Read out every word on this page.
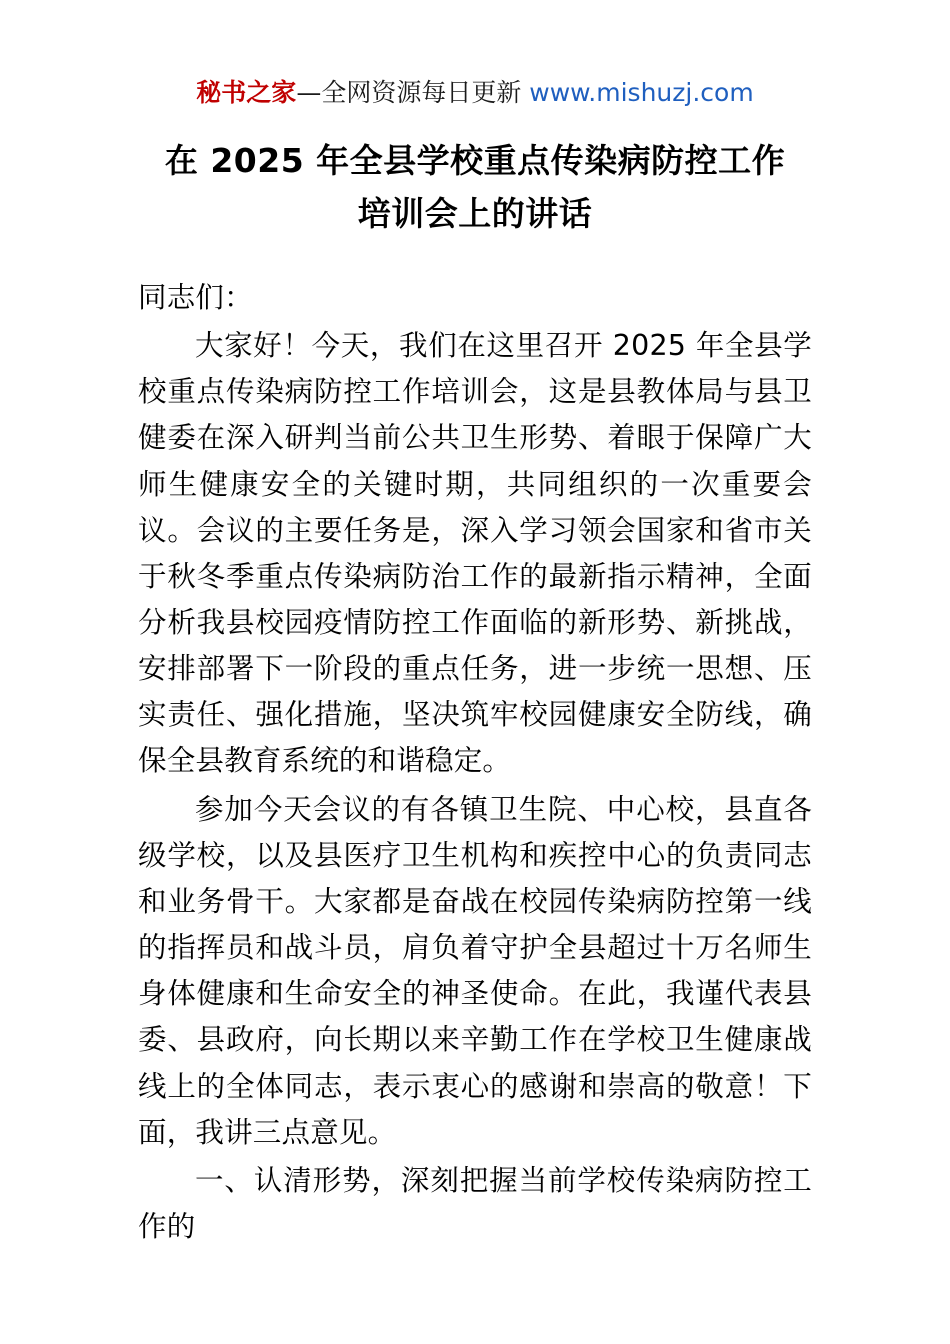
秘书之家—全网资源每日更新 www.mishuzj.com
在 2025 年全县学校重点传染病防控工作
培训会上的讲话

同志们：

大家好！今天，我们在这里召开 2025 年全县学校重点传染病防控工作培训会，这是县教体局与县卫健委在深入研判当前公共卫生形势、着眼于保障广大师生健康安全的关键时期，共同组织的一次重要会议。会议的主要任务是，深入学习领会国家和省市关于秋冬季重点传染病防治工作的最新指示精神，全面分析我县校园疫情防控工作面临的新形势、新挑战，安排部署下一阶段的重点任务，进一步统一思想、压实责任、强化措施，坚决筑牢校园健康安全防线，确保全县教育系统的和谐稳定。

参加今天会议的有各镇卫生院、中心校，县直各级学校，以及县医疗卫生机构和疾控中心的负责同志和业务骨干。大家都是奋战在校园传染病防控第一线的指挥员和战斗员，肩负着守护全县超过十万名师生身体健康和生命安全的神圣使命。在此，我谨代表县委、县政府，向长期以来辛勤工作在学校卫生健康战线上的全体同志，表示衷心的感谢和崇高的敬意！下面，我讲三点意见。

一、认清形势，深刻把握当前学校传染病防控工作的
